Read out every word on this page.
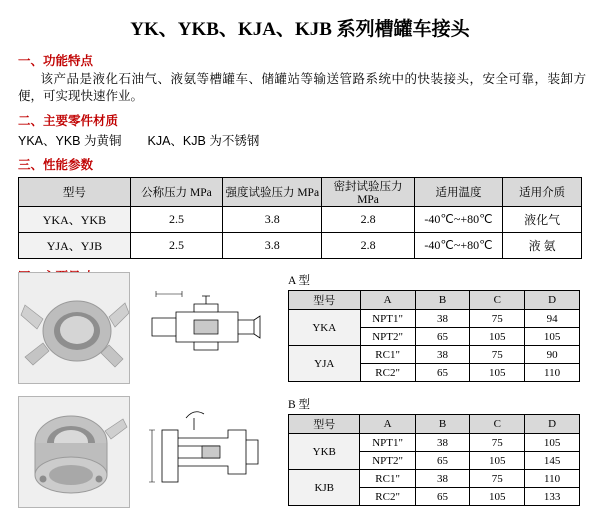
YK、YKB、KJA、KJB 系列槽罐车接头
一、功能特点
该产品是液化石油气、液氨等槽罐车、储罐站等输送管路系统中的快装接头，安全可靠，装卸方便，可实现快速作业。
二、主要零件材质
YKA、YKB 为黄铜 KJA、KJB 为不锈钢
三、性能参数
型号	公称压力 MPa	强度试验压力 MPa	密封试验压力 MPa	适用温度	适用介质
YKA、YKB	2.5	3.8	2.8	-40℃~+80℃	液化气
YJA、YJB	2.5	3.8	2.8	-40℃~+80℃	液 氨

A 型
型号	A	B	C	D
YKA	NPT1"	38	75	94
	NPT2"	65	105	105
YJA	RC1"	38	75	90
	RC2"	65	105	110

B 型
型号	A	B	C	D
YKB	NPT1"	38	75	105
	NPT2"	65	105	145
KJB	RC1"	38	75	110
	RC2"	65	105	133
